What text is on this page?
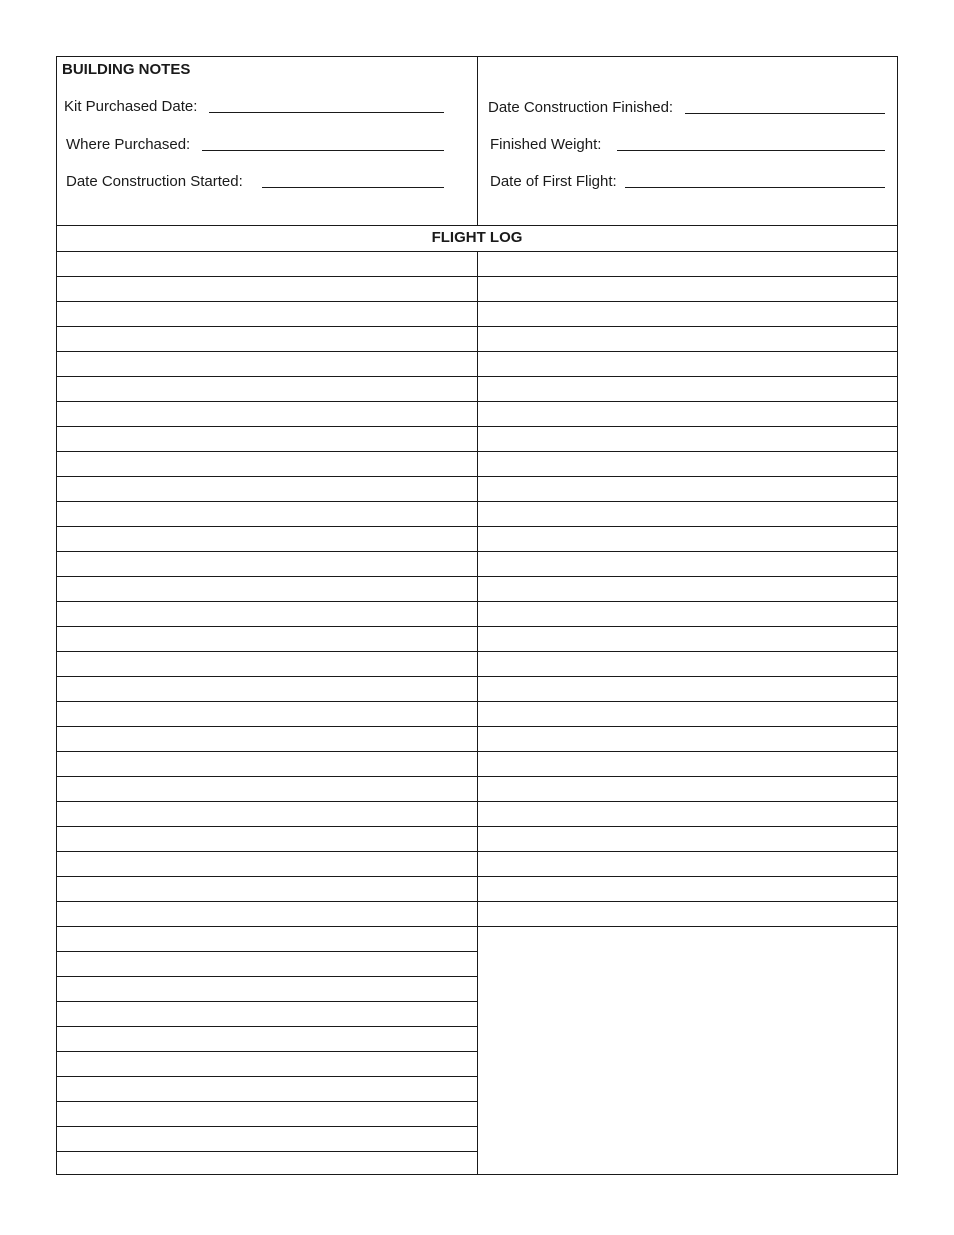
BUILDING NOTES
Kit Purchased Date:
Where Purchased:
Date Construction Started:
Date Construction Finished:
Finished Weight:
Date of First Flight:
FLIGHT LOG
